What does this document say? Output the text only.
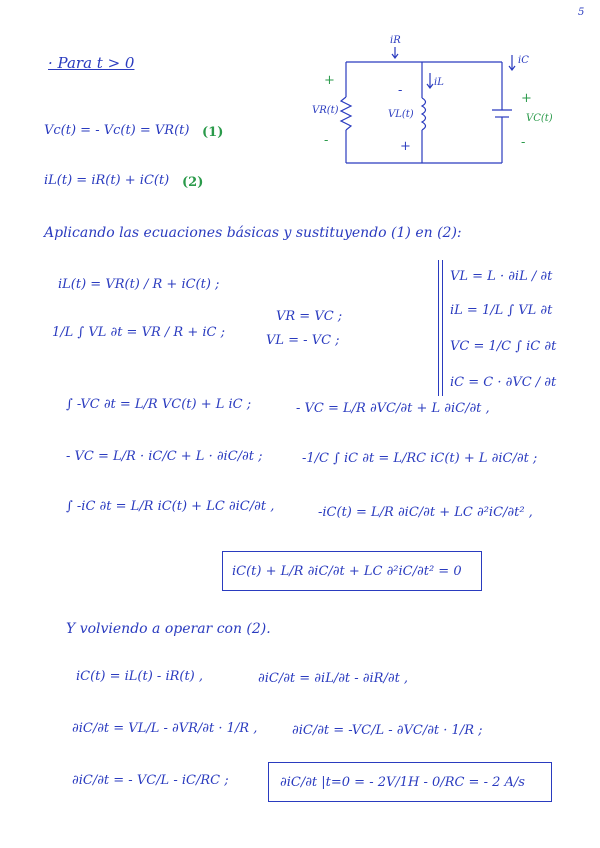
5
· Para t > 0
iR
iC
iL
+
-
VR(t)
-
+
VL(t)
+
-
VC(t)
Vc(t) = - Vc(t) = VR(t) (1)
iL(t) = iR(t) + iC(t) (2)
Aplicando las ecuaciones básicas y sustituyendo (1) en (2):
VL = L · ∂iL / ∂t
iL = 1/L ∫ VL ∂t
VC = 1/C ∫ iC ∂t
iC = C · ∂VC / ∂t
iL(t) = VR(t) / R + iC(t) ;
1/L ∫ VL ∂t = VR / R + iC ;
VR = VC ;
VL = - VC ;
∫ -VC ∂t = L/R VC(t) + L iC ;	- VC = L/R ∂VC/∂t + L ∂iC/∂t ,
- VC = L/R · iC/C + L · ∂iC/∂t ;	-1/C ∫ iC ∂t = L/RC iC(t) + L ∂iC/∂t ;
∫ -iC ∂t = L/R iC(t) + LC ∂iC/∂t ,	-iC(t) = L/R ∂iC/∂t + LC ∂²iC/∂t² ,
iC(t) + L/R ∂iC/∂t + LC ∂²iC/∂t² = 0
Y volviendo a operar con (2).
iC(t) = iL(t) - iR(t) ,	∂iC/∂t = ∂iL/∂t - ∂iR/∂t ,
∂iC/∂t = VL/L - ∂VR/∂t · 1/R ,	∂iC/∂t = -VC/L - ∂VC/∂t · 1/R ;
∂iC/∂t = - VC/L - iC/RC ;	∂iC/∂t |t=0 = - 2V/1H - 0/RC = - 2 A/s
